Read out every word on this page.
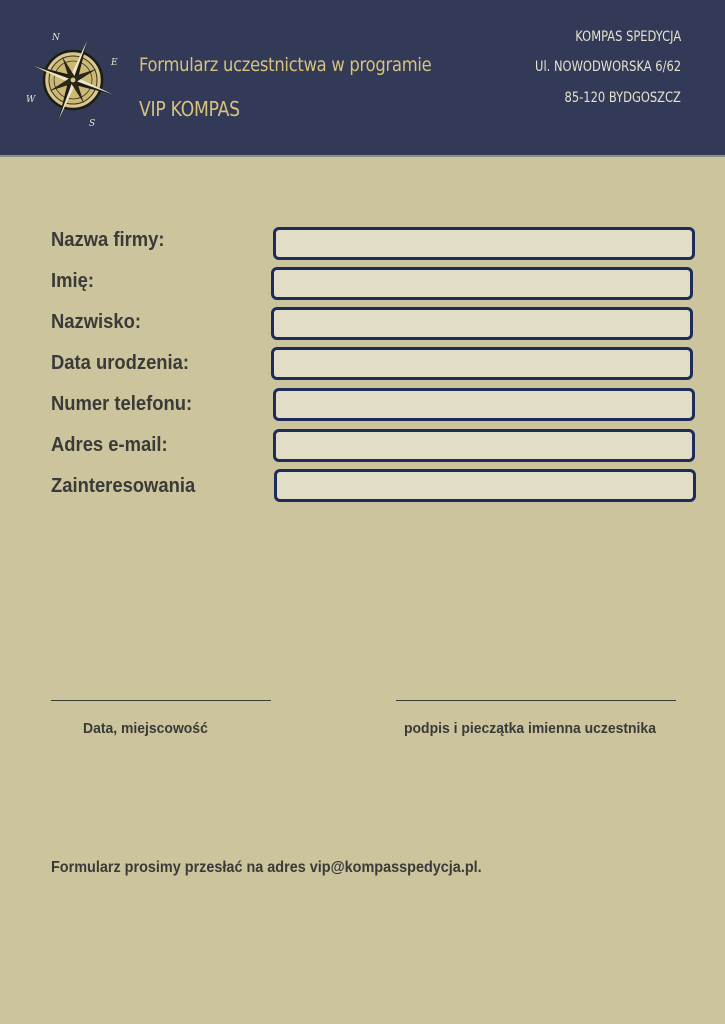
N
E
S
W
Formularz uczestnictwa w programie
VIP KOMPAS
KOMPAS SPEDYCJA
Ul. NOWODWORSKA 6/62
85-120 BYDGOSZCZ
Nazwa firmy:
Imię:
Nazwisko:
Data urodzenia:
Numer telefonu:
Adres e-mail:
Zainteresowania
Data, miejscowość	podpis i pieczątka imienna uczestnika
Formularz prosimy przesłać na adres vip@kompasspedycja.pl.
